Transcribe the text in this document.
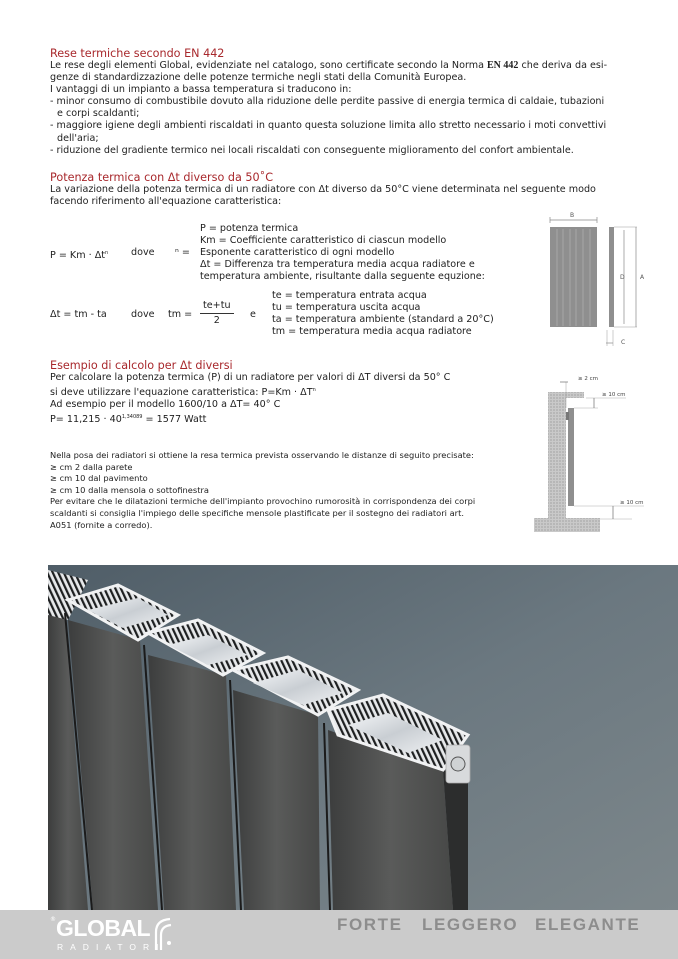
Rese termiche secondo EN 442
Le rese degli elementi Global, evidenziate nel catalogo, sono certificate secondo la Norma EN 442 che deriva da esi-
genze di standardizzazione delle potenze termiche negli stati della Comunità Europea.
I vantaggi di un impianto a bassa temperatura si traducono in:
- minor consumo di combustibile dovuto alla riduzione delle perdite passive di energia termica di caldaie, tubazioni
e corpi scaldanti;
- maggiore igiene degli ambienti riscaldati in quanto questa soluzione limita allo stretto necessario i moti convettivi
dell'aria;
- riduzione del gradiente termico nei locali riscaldati con conseguente miglioramento del confort ambientale.
Potenza termica con Δt diverso da 50˚C
La variazione della potenza termica di un radiatore con Δt diverso da 50°C viene determinata nel seguente modo
facendo riferimento all'equazione caratteristica:
$P = Km \cdot \Delta t^n$ dove ⁿ =
P = potenza termica
Km = Coefficiente caratteristico di ciascun modello
Esponente caratteristico di ogni modello
Δt = Differenza tra temperatura media acqua radiatore e
temperatura ambiente, risultante dalla seguente equzione:
Δt = tm - ta	dove tm = $\frac{te+tu}{2}$ e
te = temperatura entrata acqua
tu = temperatura uscita acqua
ta = temperatura ambiente (standard a 20°C)
tm = temperatura media acqua radiatore
B
D	A
C
Esempio di calcolo per Δt diversi
Per calcolare la potenza termica (P) di un radiatore per valori di ΔT diversi da 50° C
si deve utilizzare l'equazione caratteristica: $P=Km \cdot \Delta T^n$
Ad esempio per il modello 1600/10 a ΔT= 40° C
$P= 11,215 \cdot 40^{1,34089} = 1577$ Watt
Nella posa dei radiatori si ottiene la resa termica prevista osservando le distanze di seguito precisate:
≥ cm 2 dalla parete
≥ cm 10 dal pavimento
≥ cm 10 dalla mensola o sottofinestra
Per evitare che le dilatazioni termiche dell'impianto provochino rumorosità in corrispondenza dei corpi
scaldanti si consiglia l'impiego delle specifiche mensole plastificate per il sostegno dei radiatori art.
A051 (fornite a corredo).
≥ 2 cm
≥ 10 cm
≥ 10 cm
® GLOBAL
RADIATORI
FORTE LEGGERO ELEGANTE
